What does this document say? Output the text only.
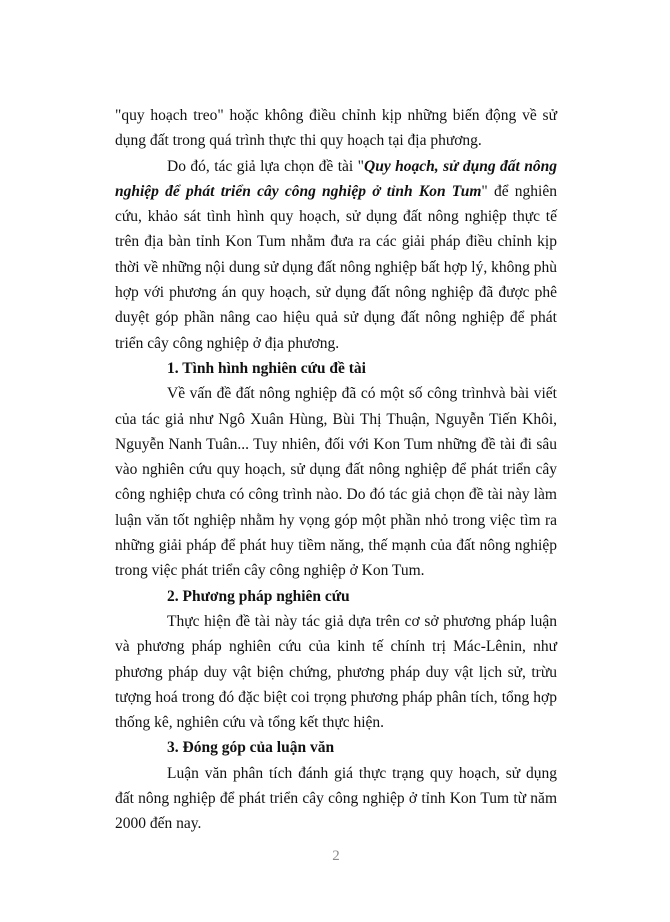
"quy hoạch treo" hoặc không điều chỉnh kịp những biến động về sử dụng đất trong quá trình thực thi quy hoạch tại địa phương.

Do đó, tác giả lựa chọn đề tài "Quy hoạch, sử dụng đất nông nghiệp để phát triển cây công nghiệp ở tỉnh Kon Tum" để nghiên cứu, khảo sát tình hình quy hoạch, sử dụng đất nông nghiệp thực tế trên địa bàn tỉnh Kon Tum nhằm đưa ra các giải pháp điều chỉnh kịp thời về những nội dung sử dụng đất nông nghiệp bất hợp lý, không phù hợp với phương án quy hoạch, sử dụng đất nông nghiệp đã được phê duyệt góp phần nâng cao hiệu quả sử dụng đất nông nghiệp để phát triển cây công nghiệp ở địa phương.

1. Tình hình nghiên cứu đề tài

Về vấn đề đất nông nghiệp đã có một số công trìnhvà bài viết của tác giả như Ngô Xuân Hùng, Bùi Thị Thuận, Nguyễn Tiến Khôi, Nguyễn Nanh Tuân... Tuy nhiên, đối với Kon Tum những đề tài đi sâu vào nghiên cứu quy hoạch, sử dụng đất nông nghiệp để phát triển cây công nghiệp chưa có công trình nào. Do đó tác giả chọn đề tài này làm luận văn tốt nghiệp nhằm hy vọng góp một phần nhỏ trong việc tìm ra những giải pháp để phát huy tiềm năng, thế mạnh của đất nông nghiệp trong việc phát triển cây công nghiệp ở Kon Tum.

2. Phương pháp nghiên cứu

Thực hiện đề tài này tác giả dựa trên cơ sở phương pháp luận và phương pháp nghiên cứu của kinh tế chính trị Mác-Lênin, như phương pháp duy vật biện chứng, phương pháp duy vật lịch sử, trừu tượng hoá trong đó đặc biệt coi trọng phương pháp phân tích, tổng hợp thống kê, nghiên cứu và tổng kết thực hiện.

3. Đóng góp của luận văn

Luận văn phân tích đánh giá thực trạng quy hoạch, sử dụng đất nông nghiệp để phát triển cây công nghiệp ở tỉnh Kon Tum từ năm 2000 đến nay.

2
